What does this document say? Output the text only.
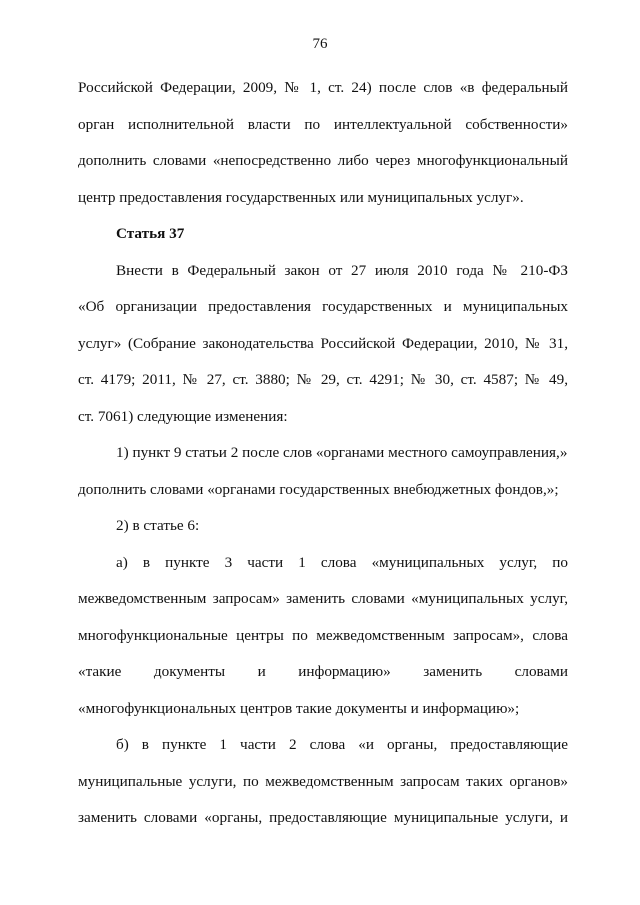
76
Российской Федерации, 2009, № 1, ст. 24) после слов «в федеральный
орган исполнительной власти по интеллектуальной собственности»
дополнить словами «непосредственно либо через многофункциональный
центр предоставления государственных или муниципальных услуг».
Статья 37
Внести в Федеральный закон от 27 июля 2010 года № 210-ФЗ
«Об организации предоставления государственных и муниципальных
услуг» (Собрание законодательства Российской Федерации, 2010, № 31,
ст. 4179; 2011, № 27, ст. 3880; № 29, ст. 4291; № 30, ст. 4587; № 49,
ст. 7061) следующие изменения:
1) пункт 9 статьи 2 после слов «органами местного самоуправления,»
дополнить словами «органами государственных внебюджетных фондов,»;
2) в статье 6:
а) в пункте 3 части 1 слова «муниципальных услуг, по
межведомственным запросам» заменить словами «муниципальных услуг,
многофункциональные центры по межведомственным запросам», слова
«такие документы и информацию» заменить словами
«многофункциональных центров такие документы и информацию»;
б) в пункте 1 части 2 слова «и органы, предоставляющие
муниципальные услуги, по межведомственным запросам таких органов»
заменить словами «органы, предоставляющие муниципальные услуги, и
